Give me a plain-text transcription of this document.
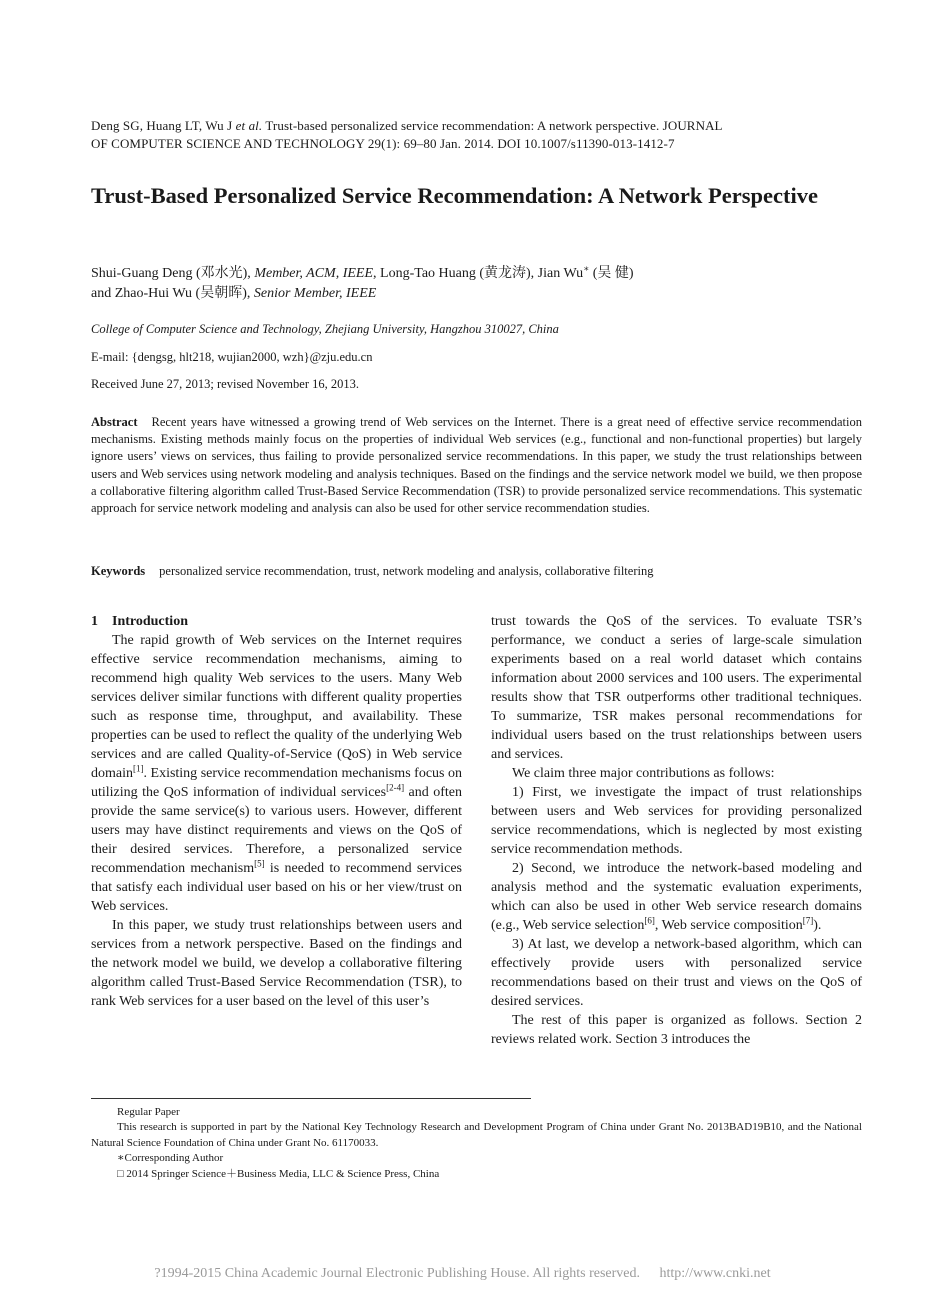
Deng SG, Huang LT, Wu J et al. Trust-based personalized service recommendation: A network perspective. JOURNAL
OF COMPUTER SCIENCE AND TECHNOLOGY 29(1): 69–80 Jan. 2014. DOI 10.1007/s11390-013-1412-7
Trust-Based Personalized Service Recommendation: A Network Perspective
Shui-Guang Deng (邓水光), Member, ACM, IEEE, Long-Tao Huang (黄龙涛), Jian Wu∗ (吴 健)
and Zhao-Hui Wu (吴朝晖), Senior Member, IEEE
College of Computer Science and Technology, Zhejiang University, Hangzhou 310027, China
E-mail: {dengsg, hlt218, wujian2000, wzh}@zju.edu.cn
Received June 27, 2013; revised November 16, 2013.
Abstract Recent years have witnessed a growing trend of Web services on the Internet. There is a great need of effective service recommendation mechanisms. Existing methods mainly focus on the properties of individual Web services (e.g., functional and non-functional properties) but largely ignore users’ views on services, thus failing to provide personalized service recommendations. In this paper, we study the trust relationships between users and Web services using network modeling and analysis techniques. Based on the findings and the service network model we build, we then propose a collaborative filtering algorithm called Trust-Based Service Recommendation (TSR) to provide personalized service recommendations. This systematic approach for service network modeling and analysis can also be used for other service recommendation studies.
Keywords personalized service recommendation, trust, network modeling and analysis, collaborative filtering

1 Introduction

The rapid growth of Web services on the Internet requires effective service recommendation mechanisms, aiming to recommend high quality Web services to the users. Many Web services deliver similar functions with different quality properties such as response time, throughput, and availability. These properties can be used to reflect the quality of the underlying Web services and are called Quality-of-Service (QoS) in Web service domain[1]. Existing service recommendation mechanisms focus on utilizing the QoS information of individual services[2-4] and often provide the same service(s) to various users. However, different users may have distinct requirements and views on the QoS of their desired services. Therefore, a personalized service recommendation mechanism[5] is needed to recommend services that satisfy each individual user based on his or her view/trust on Web services.

In this paper, we study trust relationships between users and services from a network perspective. Based on the findings and the network model we build, we develop a collaborative filtering algorithm called Trust-Based Service Recommendation (TSR), to rank Web services for a user based on the level of this user’s

trust towards the QoS of the services. To evaluate TSR’s performance, we conduct a series of large-scale simulation experiments based on a real world dataset which contains information about 2000 services and 100 users. The experimental results show that TSR outperforms other traditional techniques. To summarize, TSR makes personal recommendations for individual users based on the trust relationships between users and services.

We claim three major contributions as follows:

1) First, we investigate the impact of trust relationships between users and Web services for providing personalized service recommendations, which is neglected by most existing service recommendation methods.

2) Second, we introduce the network-based modeling and analysis method and the systematic evaluation experiments, which can also be used in other Web service research domains (e.g., Web service selection[6], Web service composition[7]).

3) At last, we develop a network-based algorithm, which can effectively provide users with personalized service recommendations based on their trust and views on the QoS of desired services.

The rest of this paper is organized as follows. Section 2 reviews related work. Section 3 introduces the

Regular Paper
This research is supported in part by the National Key Technology Research and Development Program of China under Grant No. 2013BAD19B10, and the National Natural Science Foundation of China under Grant No. 61170033.
∗Corresponding Author
□ 2014 Springer Science＋Business Media, LLC & Science Press, China
?1994-2015 China Academic Journal Electronic Publishing House. All rights reserved. http://www.cnki.net
